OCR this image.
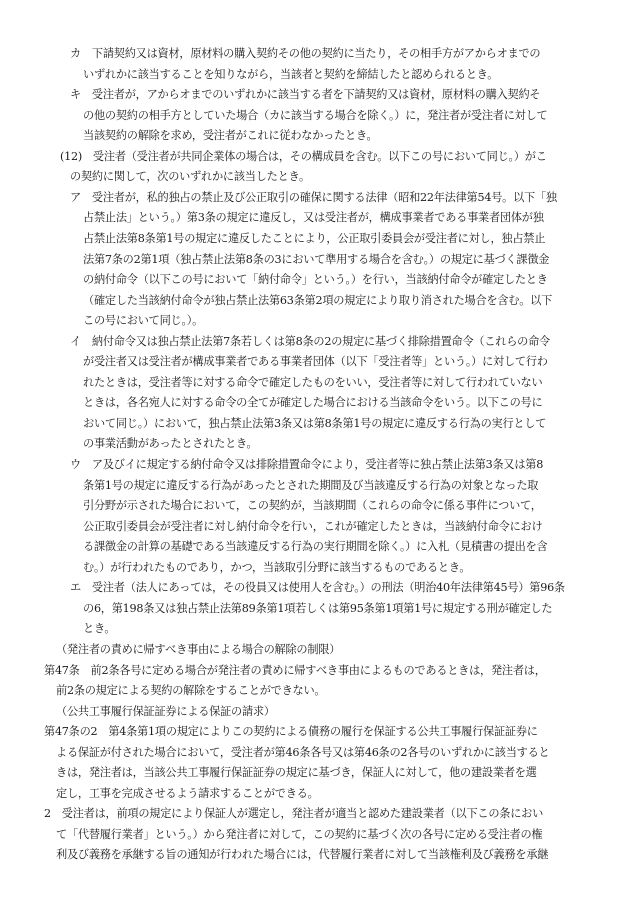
カ　下請契約又は資材，原材料の購入契約その他の契約に当たり，その相手方がアからオまでの
いずれかに該当することを知りながら，当該者と契約を締結したと認められるとき。
キ　受注者が，アからオまでのいずれかに該当する者を下請契約又は資材，原材料の購入契約そ
の他の契約の相手方としていた場合（カに該当する場合を除く。）に，発注者が受注者に対して
当該契約の解除を求め，受注者がこれに従わなかったとき。
(12)　受注者（受注者が共同企業体の場合は，その構成員を含む。以下この号において同じ。）がこ
の契約に関して，次のいずれかに該当したとき。
ア　受注者が，私的独占の禁止及び公正取引の確保に関する法律（昭和22年法律第54号。以下「独
占禁止法」という。）第3条の規定に違反し，又は受注者が，構成事業者である事業者団体が独
占禁止法第8条第1号の規定に違反したことにより，公正取引委員会が受注者に対し，独占禁止
法第7条の2第1項（独占禁止法第8条の3において準用する場合を含む。）の規定に基づく課徴金
の納付命令（以下この号において「納付命令」という。）を行い，当該納付命令が確定したとき
（確定した当該納付命令が独占禁止法第63条第2項の規定により取り消された場合を含む。以下
この号において同じ。）。
イ　納付命令又は独占禁止法第7条若しくは第8条の2の規定に基づく排除措置命令（これらの命令
が受注者又は受注者が構成事業者である事業者団体（以下「受注者等」という。）に対して行わ
れたときは，受注者等に対する命令で確定したものをいい，受注者等に対して行われていない
ときは，各名宛人に対する命令の全てが確定した場合における当該命令をいう。以下この号に
おいて同じ。）において，独占禁止法第3条又は第8条第1号の規定に違反する行為の実行として
の事業活動があったとされたとき。
ウ　ア及びイに規定する納付命令又は排除措置命令により，受注者等に独占禁止法第3条又は第8
条第1号の規定に違反する行為があったとされた期間及び当該違反する行為の対象となった取
引分野が示された場合において，この契約が，当該期間（これらの命令に係る事件について，
公正取引委員会が受注者に対し納付命令を行い，これが確定したときは，当該納付命令におけ
る課徴金の計算の基礎である当該違反する行為の実行期間を除く。）に入札（見積書の提出を含
む。）が行われたものであり，かつ，当該取引分野に該当するものであるとき。
エ　受注者（法人にあっては，その役員又は使用人を含む。）の刑法（明治40年法律第45号）第96条
の6，第198条又は独占禁止法第89条第1項若しくは第95条第1項第1号に規定する刑が確定した
とき。
（発注者の責めに帰すべき事由による場合の解除の制限）
第47条　前2条各号に定める場合が発注者の責めに帰すべき事由によるものであるときは，発注者は，
前2条の規定による契約の解除をすることができない。
（公共工事履行保証証券による保証の請求）
第47条の2　第4条第1項の規定によりこの契約による債務の履行を保証する公共工事履行保証証券に
よる保証が付された場合において，受注者が第46条各号又は第46条の2各号のいずれかに該当すると
きは，発注者は，当該公共工事履行保証証券の規定に基づき，保証人に対して，他の建設業者を選
定し，工事を完成させるよう請求することができる。
2　受注者は，前項の規定により保証人が選定し，発注者が適当と認めた建設業者（以下この条におい
て「代替履行業者」という。）から発注者に対して，この契約に基づく次の各号に定める受注者の権
利及び義務を承継する旨の通知が行われた場合には，代替履行業者に対して当該権利及び義務を承継
